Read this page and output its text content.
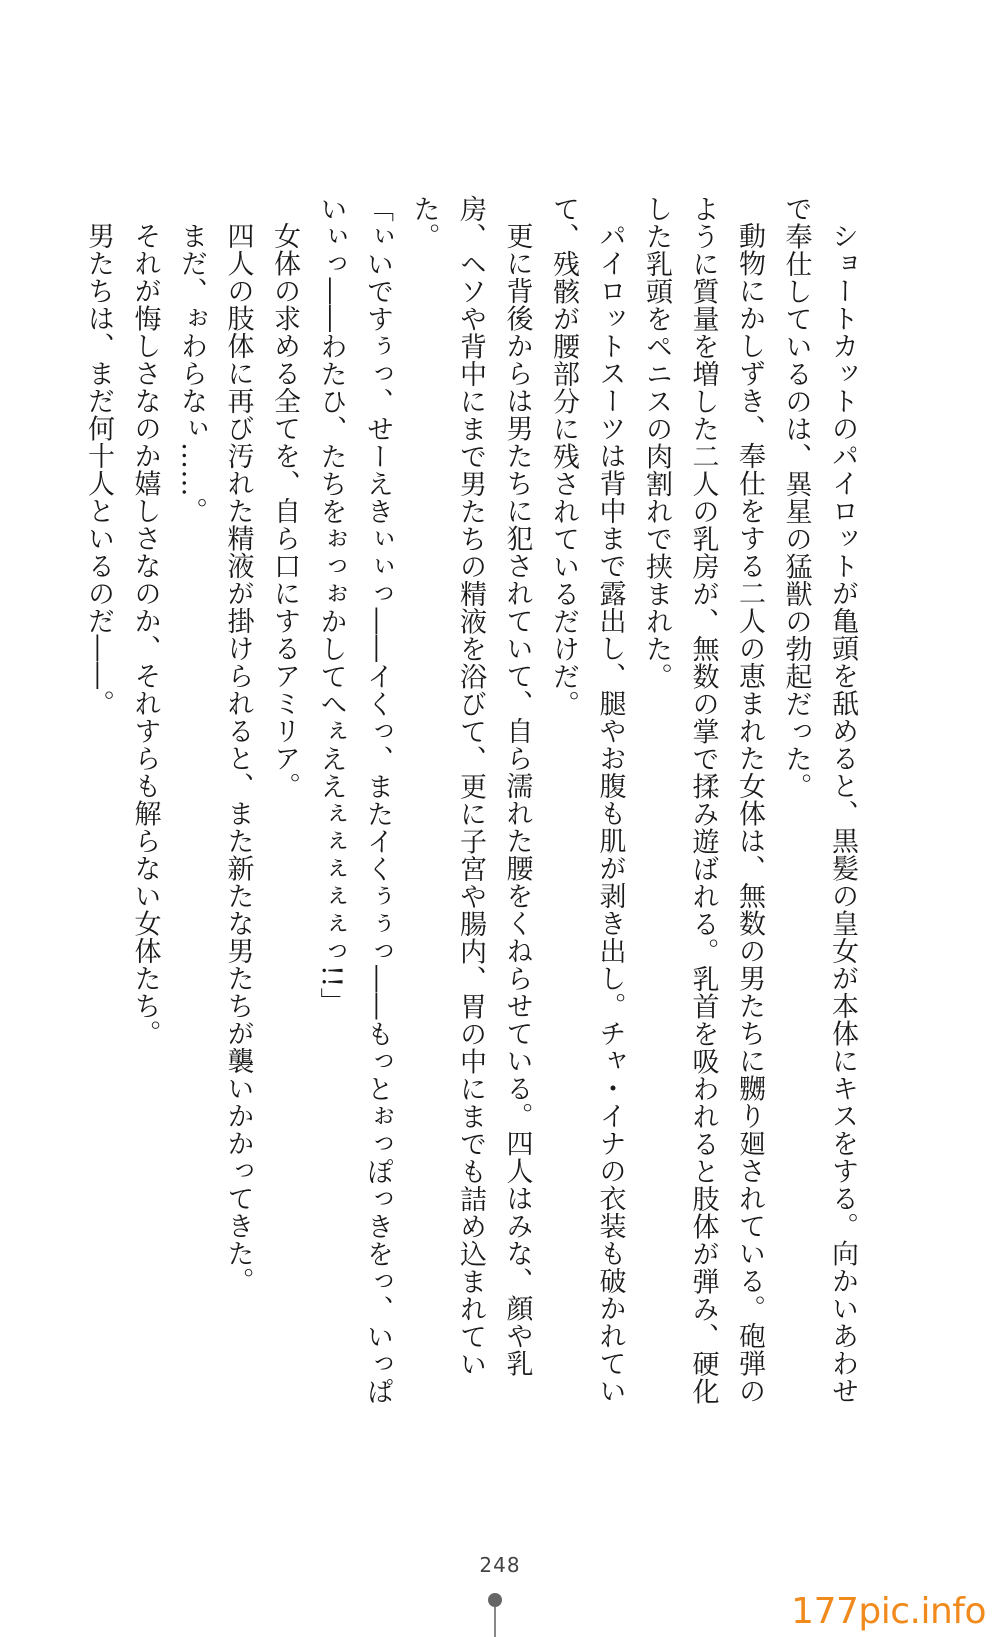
ショートカットのパイロットが亀頭を舐めると、黒髪の皇女が本体にキスをする。向かいあわせで奉仕しているのは、異星の猛獣の勃起だった。

動物にかしずき、奉仕をする二人の恵まれた女体は、無数の男たちに嬲り廻されている。砲弾のように質量を増した二人の乳房が、無数の掌で揉み遊ばれる。乳首を吸われると肢体が弾み、硬化した乳頭をペニスの肉割れで挟まれた。

パイロットスーツは背中まで露出し、腿やお腹も肌が剥き出し。チャ・イナの衣装も破かれていて、残骸が腰部分に残されているだけだ。

更に背後からは男たちに犯されていて、自ら濡れた腰をくねらせている。四人はみな、顔や乳房、ヘソや背中にまで男たちの精液を浴びて、更に子宮や腸内、胃の中にまでも詰め込まれていた。

「ぃいですぅっ、せーえきぃぃっ――イくっ、またイくぅぅっ――もっとぉっぽっきをっ、いっぱいぃっ――わたひ、たちをぉっぉかしてへぇええぇぇぇぇぇっ!!」

女体の求める全てを、自ら口にするアミリア。

四人の肢体に再び汚れた精液が掛けられると、また新たな男たちが襲いかかってきた。

まだ、ぉわらなぃ……。

それが悔しさなのか嬉しさなのか、それすらも解らない女体たち。

男たちは、まだ何十人といるのだ――。

248
177pic.info
